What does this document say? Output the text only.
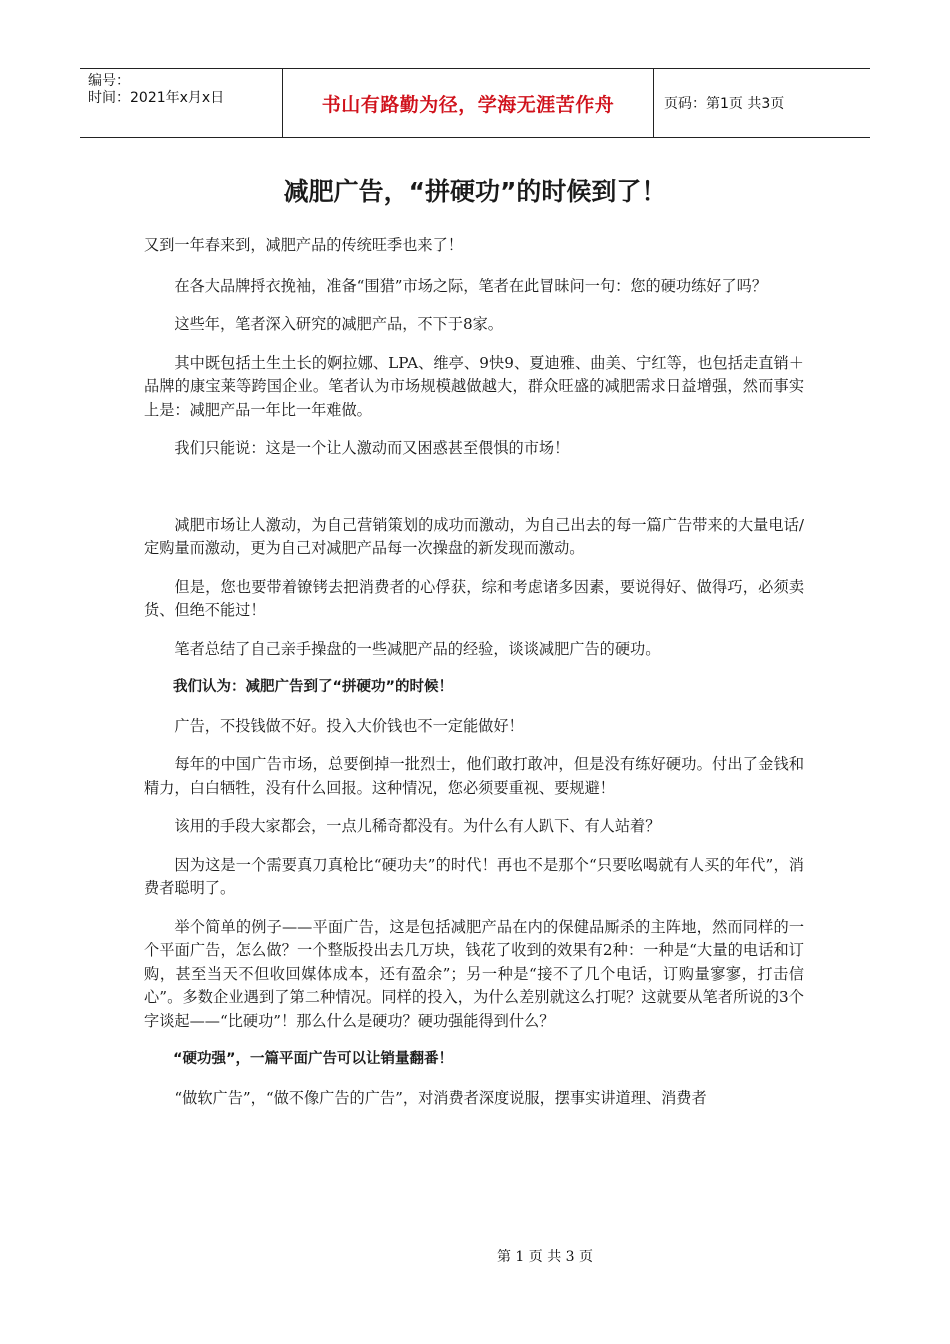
编号：
时间：2021年x月x日	书山有路勤为径，学海无涯苦作舟	页码：第1页 共3页
减肥广告，“拼硬功”的时候到了！

又到一年春来到，减肥产品的传统旺季也来了！

在各大品牌捋衣挽袖，准备“围猎”市场之际，笔者在此冒昧问一句：您的硬功练好了吗？

这些年，笔者深入研究的减肥产品，不下于8家。

其中既包括土生土长的婀拉娜、LPA、维亭、9快9、夏迪雅、曲美、宁红等，也包括走直销＋品牌的康宝莱等跨国企业。笔者认为市场规模越做越大，群众旺盛的减肥需求日益增强，然而事实上是：减肥产品一年比一年难做。

我们只能说：这是一个让人激动而又困惑甚至偎惧的市场！

减肥市场让人激动，为自己营销策划的成功而激动，为自己出去的每一篇广告带来的大量电话/定购量而激动，更为自己对减肥产品每一次操盘的新发现而激动。

但是，您也要带着镣铐去把消费者的心俘获，综和考虑诸多因素，要说得好、做得巧，必须卖货、但绝不能过！

笔者总结了自己亲手操盘的一些减肥产品的经验，谈谈减肥广告的硬功。

我们认为：减肥广告到了“拼硬功”的时候！

广告，不投钱做不好。投入大价钱也不一定能做好！

每年的中国广告市场，总要倒掉一批烈士，他们敢打敢冲，但是没有练好硬功。付出了金钱和精力，白白牺牲，没有什么回报。这种情况，您必须要重视、要规避！

该用的手段大家都会，一点儿稀奇都没有。为什么有人趴下、有人站着？

因为这是一个需要真刀真枪比“硬功夫”的时代！再也不是那个“只要吆喝就有人买的年代”，消费者聪明了。

举个简单的例子——平面广告，这是包括减肥产品在内的保健品厮杀的主阵地，然而同样的一个平面广告，怎么做？一个整版投出去几万块，钱花了收到的效果有2种：一种是“大量的电话和订购，甚至当天不但收回媒体成本，还有盈余”；另一种是“接不了几个电话，订购量寥寥，打击信心”。多数企业遇到了第二种情况。同样的投入，为什么差别就这么打呢？这就要从笔者所说的3个字谈起——“比硬功”！那么什么是硬功？硬功强能得到什么？

“硬功强”，一篇平面广告可以让销量翻番！

“做软广告”，“做不像广告的广告”，对消费者深度说服，摆事实讲道理、消费者

第 1 页 共 3 页
